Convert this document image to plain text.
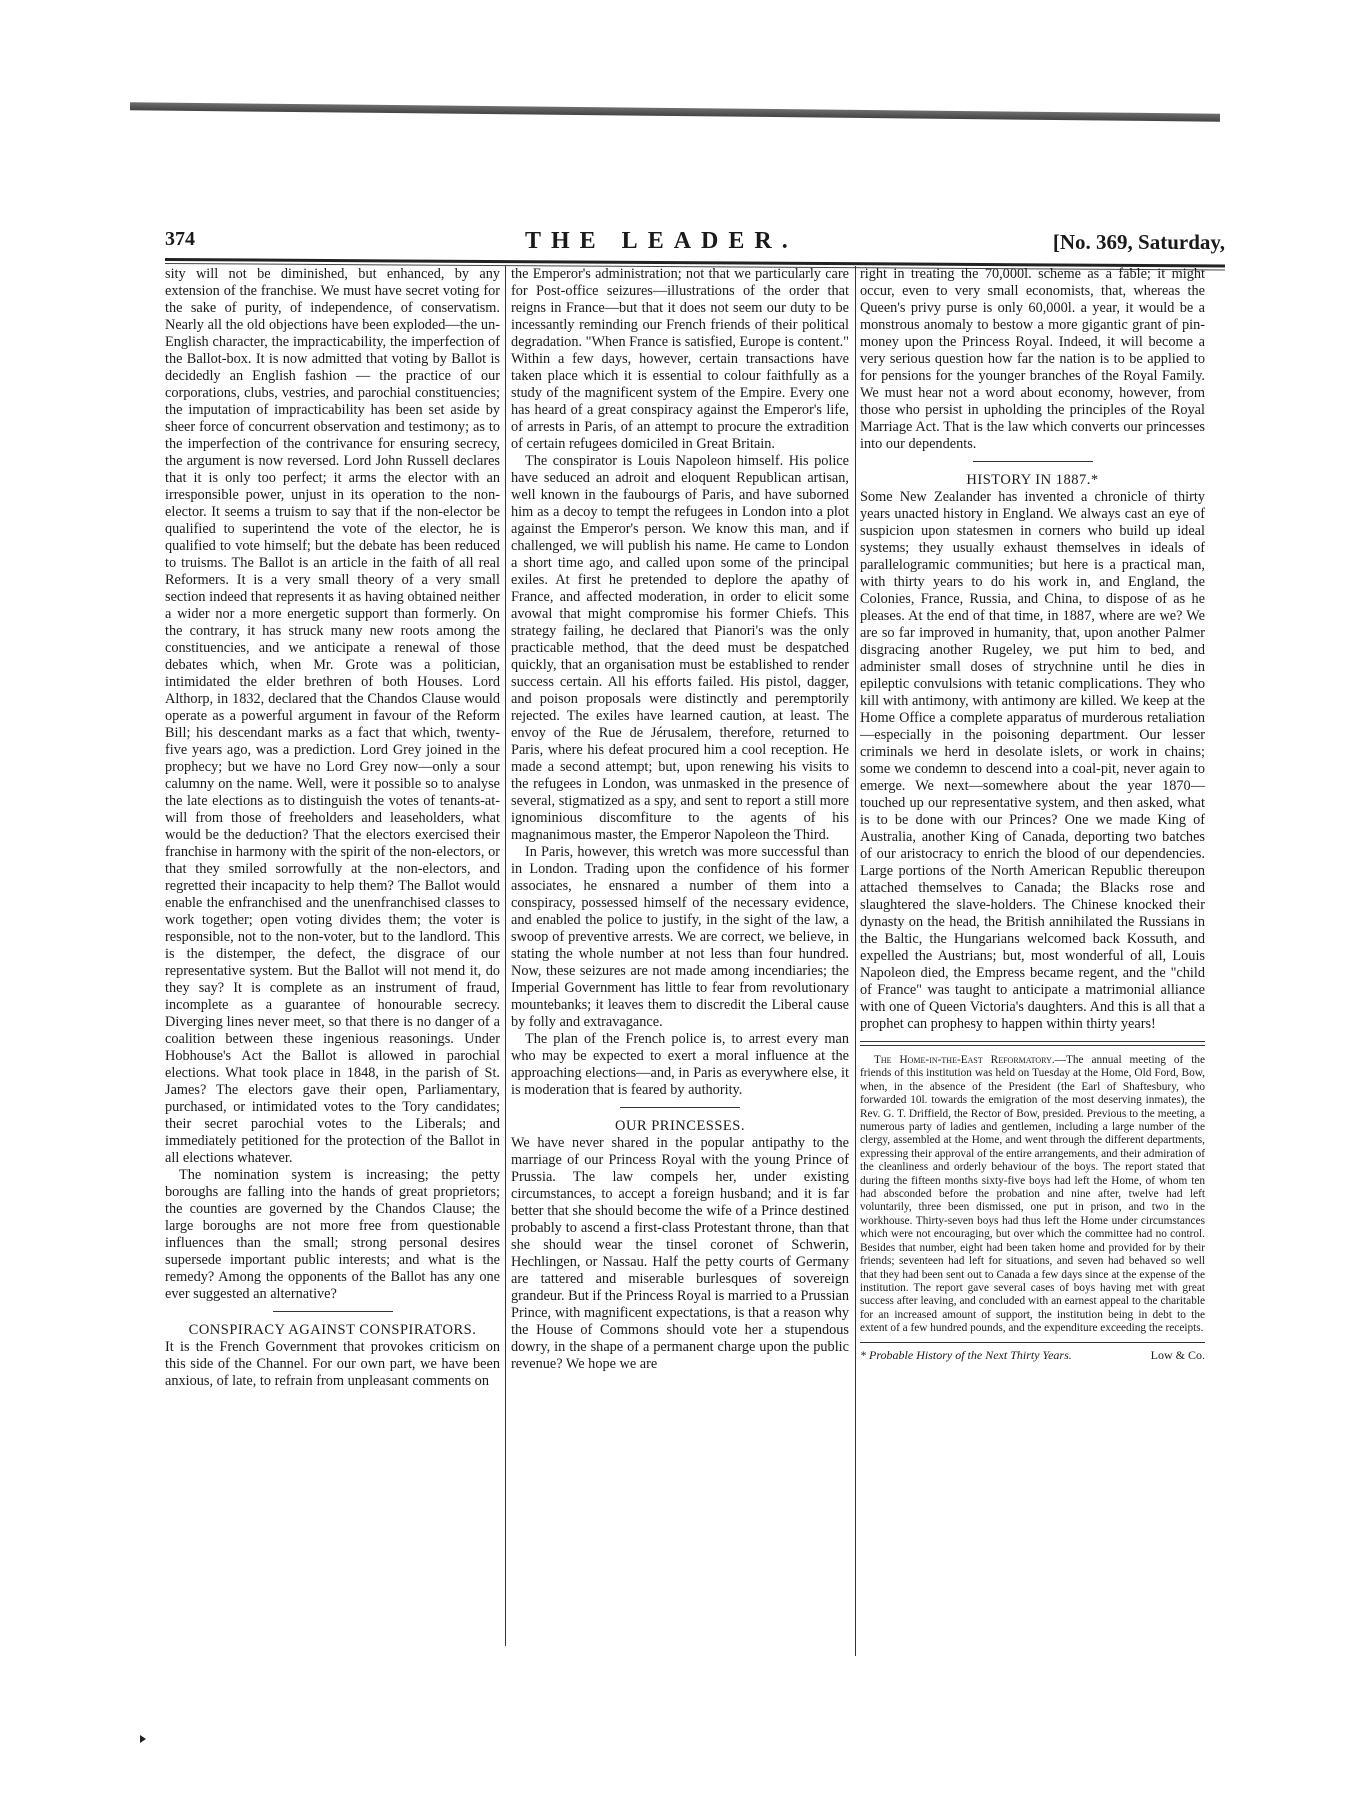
374	THE LEADER.	[No. 369, Saturday,

sity will not be diminished, but enhanced, by any extension of the franchise. We must have secret voting for the sake of purity, of independence, of conservatism. Nearly all the old objections have been exploded—the un-English character, the impracticability, the imperfection of the Ballot-box. It is now admitted that voting by Ballot is decidedly an English fashion — the practice of our corporations, clubs, vestries, and parochial constituencies; the imputation of impracticability has been set aside by sheer force of concurrent observation and testimony; as to the imperfection of the contrivance for ensuring secrecy, the argument is now reversed. Lord John Russell declares that it is only too perfect; it arms the elector with an irresponsible power, unjust in its operation to the non-elector. It seems a truism to say that if the non-elector be qualified to superintend the vote of the elector, he is qualified to vote himself; but the debate has been reduced to truisms. The Ballot is an article in the faith of all real Reformers. It is a very small theory of a very small section indeed that represents it as having obtained neither a wider nor a more energetic support than formerly. On the contrary, it has struck many new roots among the constituencies, and we anticipate a renewal of those debates which, when Mr. Grote was a politician, intimidated the elder brethren of both Houses. Lord Althorp, in 1832, declared that the Chandos Clause would operate as a powerful argument in favour of the Reform Bill; his descendant marks as a fact that which, twenty-five years ago, was a prediction. Lord Grey joined in the prophecy; but we have no Lord Grey now—only a sour calumny on the name. Well, were it possible so to analyse the late elections as to distinguish the votes of tenants-at-will from those of freeholders and leaseholders, what would be the deduction? That the electors exercised their franchise in harmony with the spirit of the non-electors, or that they smiled sorrowfully at the non-electors, and regretted their incapacity to help them? The Ballot would enable the enfranchised and the unenfranchised classes to work together; open voting divides them; the voter is responsible, not to the non-voter, but to the landlord. This is the distemper, the defect, the disgrace of our representative system. But the Ballot will not mend it, do they say? It is complete as an instrument of fraud, incomplete as a guarantee of honourable secrecy. Diverging lines never meet, so that there is no danger of a coalition between these ingenious reasonings. Under Hobhouse's Act the Ballot is allowed in parochial elections. What took place in 1848, in the parish of St. James? The electors gave their open, Parliamentary, purchased, or intimidated votes to the Tory candidates; their secret parochial votes to the Liberals; and immediately petitioned for the protection of the Ballot in all elections whatever.

The nomination system is increasing; the petty boroughs are falling into the hands of great proprietors; the counties are governed by the Chandos Clause; the large boroughs are not more free from questionable influences than the small; strong personal desires supersede important public interests; and what is the remedy? Among the opponents of the Ballot has any one ever suggested an alternative?

CONSPIRACY AGAINST CONSPIRATORS.

It is the French Government that provokes criticism on this side of the Channel. For our own part, we have been anxious, of late, to refrain from unpleasant comments on

the Emperor's administration; not that we particularly care for Post-office seizures—illustrations of the order that reigns in France—but that it does not seem our duty to be incessantly reminding our French friends of their political degradation. "When France is satisfied, Europe is content." Within a few days, however, certain transactions have taken place which it is essential to colour faithfully as a study of the magnificent system of the Empire. Every one has heard of a great conspiracy against the Emperor's life, of arrests in Paris, of an attempt to procure the extradition of certain refugees domiciled in Great Britain.

The conspirator is Louis Napoleon himself. His police have seduced an adroit and eloquent Republican artisan, well known in the faubourgs of Paris, and have suborned him as a decoy to tempt the refugees in London into a plot against the Emperor's person. We know this man, and if challenged, we will publish his name. He came to London a short time ago, and called upon some of the principal exiles. At first he pretended to deplore the apathy of France, and affected moderation, in order to elicit some avowal that might compromise his former Chiefs. This strategy failing, he declared that Pianori's was the only practicable method, that the deed must be despatched quickly, that an organisation must be established to render success certain. All his efforts failed. His pistol, dagger, and poison proposals were distinctly and peremptorily rejected. The exiles have learned caution, at least. The envoy of the Rue de Jérusalem, therefore, returned to Paris, where his defeat procured him a cool reception. He made a second attempt; but, upon renewing his visits to the refugees in London, was unmasked in the presence of several, stigmatized as a spy, and sent to report a still more ignominious discomfiture to the agents of his magnanimous master, the Emperor Napoleon the Third.

In Paris, however, this wretch was more successful than in London. Trading upon the confidence of his former associates, he ensnared a number of them into a conspiracy, possessed himself of the necessary evidence, and enabled the police to justify, in the sight of the law, a swoop of preventive arrests. We are correct, we believe, in stating the whole number at not less than four hundred. Now, these seizures are not made among incendiaries; the Imperial Government has little to fear from revolutionary mountebanks; it leaves them to discredit the Liberal cause by folly and extravagance.

The plan of the French police is, to arrest every man who may be expected to exert a moral influence at the approaching elections—and, in Paris as everywhere else, it is moderation that is feared by authority.

OUR PRINCESSES.

We have never shared in the popular antipathy to the marriage of our Princess Royal with the young Prince of Prussia. The law compels her, under existing circumstances, to accept a foreign husband; and it is far better that she should become the wife of a Prince destined probably to ascend a first-class Protestant throne, than that she should wear the tinsel coronet of Schwerin, Hechlingen, or Nassau. Half the petty courts of Germany are tattered and miserable burlesques of sovereign grandeur. But if the Princess Royal is married to a Prussian Prince, with magnificent expectations, is that a reason why the House of Commons should vote her a stupendous dowry, in the shape of a permanent charge upon the public revenue? We hope we are

right in treating the 70,000l. scheme as a fable; it might occur, even to very small economists, that, whereas the Queen's privy purse is only 60,000l. a year, it would be a monstrous anomaly to bestow a more gigantic grant of pin-money upon the Princess Royal. Indeed, it will become a very serious question how far the nation is to be applied to for pensions for the younger branches of the Royal Family. We must hear not a word about economy, however, from those who persist in upholding the principles of the Royal Marriage Act. That is the law which converts our princesses into our dependents.

HISTORY IN 1887.*

Some New Zealander has invented a chronicle of thirty years unacted history in England. We always cast an eye of suspicion upon statesmen in corners who build up ideal systems; they usually exhaust themselves in ideals of parallelogramic communities; but here is a practical man, with thirty years to do his work in, and England, the Colonies, France, Russia, and China, to dispose of as he pleases. At the end of that time, in 1887, where are we? We are so far improved in humanity, that, upon another Palmer disgracing another Rugeley, we put him to bed, and administer small doses of strychnine until he dies in epileptic convulsions with tetanic complications. They who kill with antimony, with antimony are killed. We keep at the Home Office a complete apparatus of murderous retaliation—especially in the poisoning department. Our lesser criminals we herd in desolate islets, or work in chains; some we condemn to descend into a coal-pit, never again to emerge. We next—somewhere about the year 1870—touched up our representative system, and then asked, what is to be done with our Princes? One we made King of Australia, another King of Canada, deporting two batches of our aristocracy to enrich the blood of our dependencies. Large portions of the North American Republic thereupon attached themselves to Canada; the Blacks rose and slaughtered the slave-holders. The Chinese knocked their dynasty on the head, the British annihilated the Russians in the Baltic, the Hungarians welcomed back Kossuth, and expelled the Austrians; but, most wonderful of all, Louis Napoleon died, the Empress became regent, and the "child of France" was taught to anticipate a matrimonial alliance with one of Queen Victoria's daughters. And this is all that a prophet can prophesy to happen within thirty years!

The Home-in-the-East Reformatory.—The annual meeting of the friends of this institution was held on Tuesday at the Home, Old Ford, Bow, when, in the absence of the President (the Earl of Shaftesbury, who forwarded 10l. towards the emigration of the most deserving inmates), the Rev. G. T. Driffield, the Rector of Bow, presided. Previous to the meeting, a numerous party of ladies and gentlemen, including a large number of the clergy, assembled at the Home, and went through the different departments, expressing their approval of the entire arrangements, and their admiration of the cleanliness and orderly behaviour of the boys. The report stated that during the fifteen months sixty-five boys had left the Home, of whom ten had absconded before the probation and nine after, twelve had left voluntarily, three been dismissed, one put in prison, and two in the workhouse. Thirty-seven boys had thus left the Home under circumstances which were not encouraging, but over which the committee had no control. Besides that number, eight had been taken home and provided for by their friends; seventeen had left for situations, and seven had behaved so well that they had been sent out to Canada a few days since at the expense of the institution. The report gave several cases of boys having met with great success after leaving, and concluded with an earnest appeal to the charitable for an increased amount of support, the institution being in debt to the extent of a few hundred pounds, and the expenditure exceeding the receipts.

* Probable History of the Next Thirty Years.	Low & Co.
